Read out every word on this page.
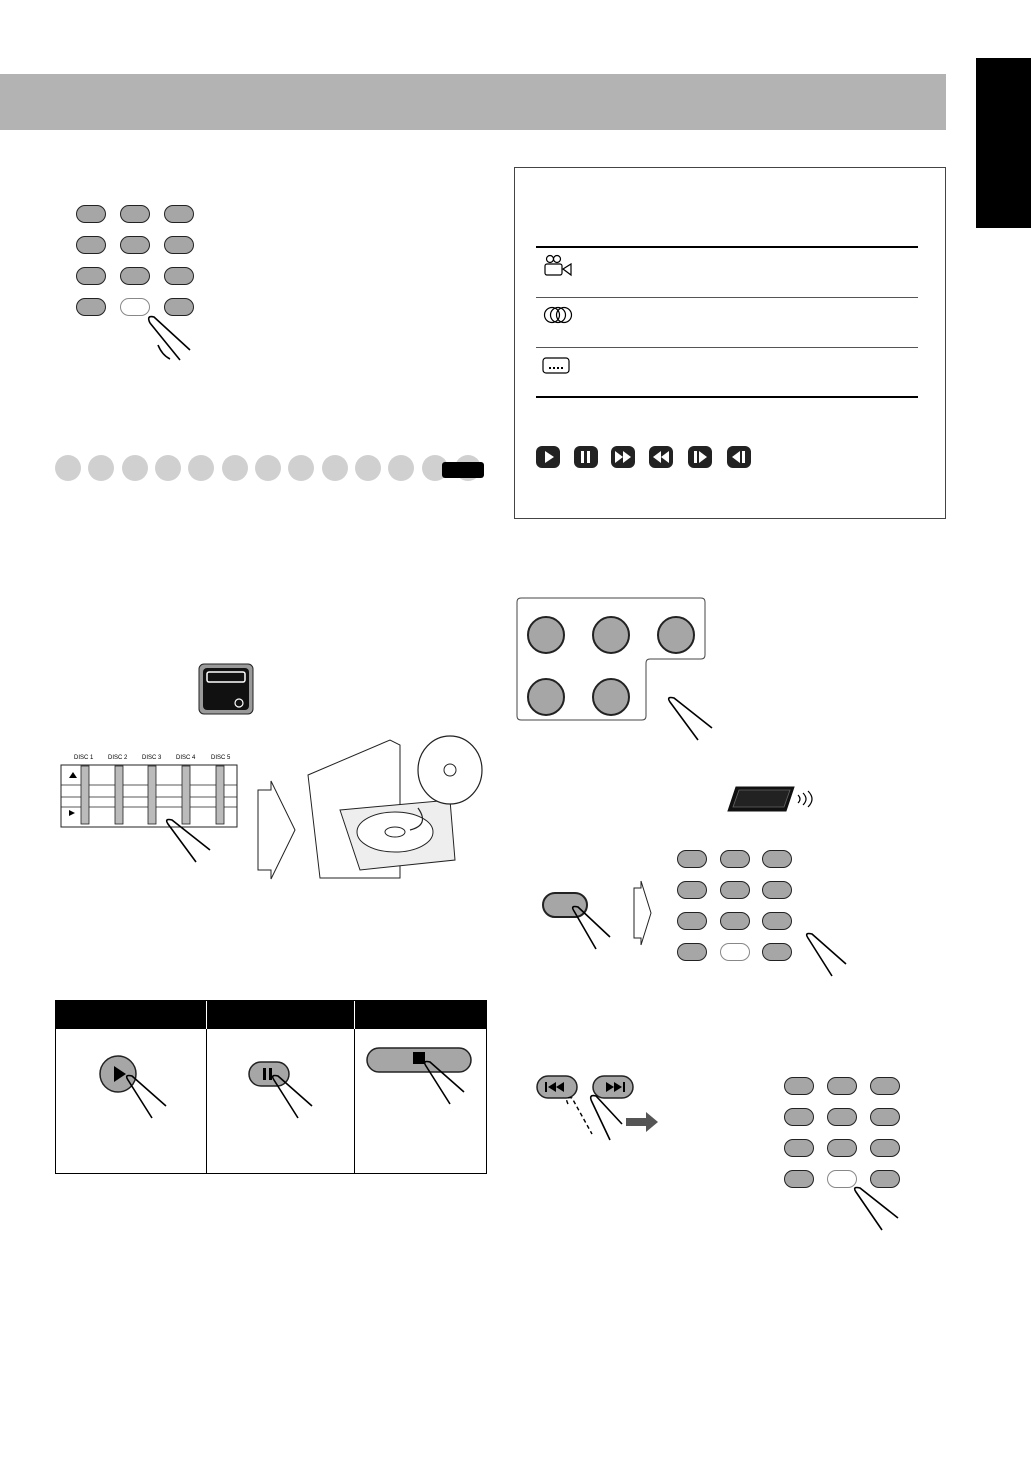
DISC 1 DISC 2 DISC 3 DISC 4	DISC 5
